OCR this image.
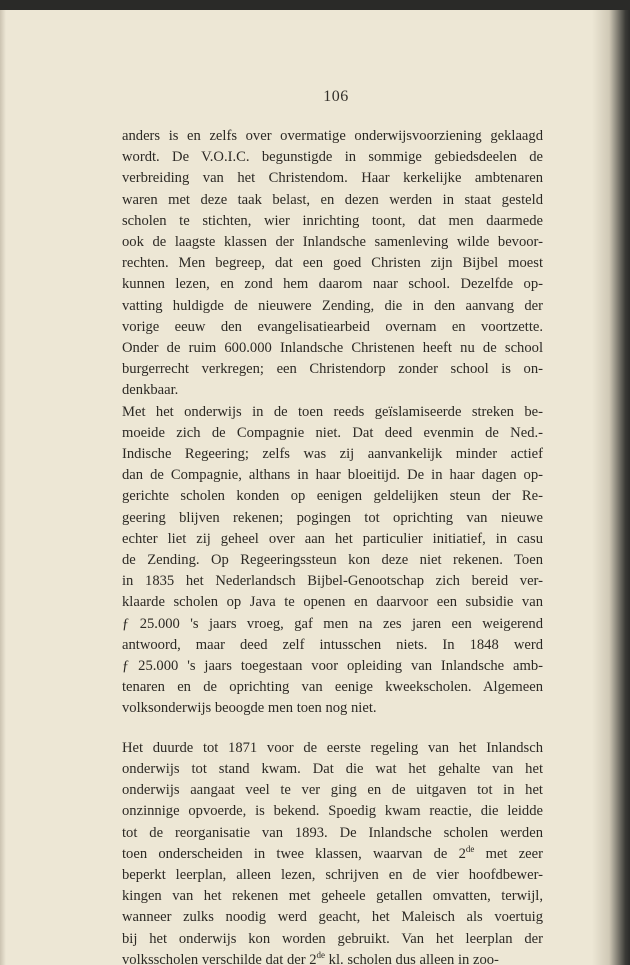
106

anders is en zelfs over overmatige onderwijsvoorziening geklaagd
wordt. De V.O.I.C. begunstigde in sommige gebiedsdeelen de
verbreiding van het Christendom. Haar kerkelijke ambtenaren
waren met deze taak belast, en dezen werden in staat gesteld
scholen te stichten, wier inrichting toont, dat men daarmede
ook de laagste klassen der Inlandsche samenleving wilde bevoor-
rechten. Men begreep, dat een goed Christen zijn Bijbel moest
kunnen lezen, en zond hem daarom naar school. Dezelfde op-
vatting huldigde de nieuwere Zending, die in den aanvang der
vorige eeuw den evangelisatiearbeid overnam en voortzette.
Onder de ruim 600.000 Inlandsche Christenen heeft nu de school
burgerrecht verkregen; een Christendorp zonder school is on-
denkbaar.

Met het onderwijs in de toen reeds geïslamiseerde streken be-
moeide zich de Compagnie niet. Dat deed evenmin de Ned.-
Indische Regeering; zelfs was zij aanvankelijk minder actief
dan de Compagnie, althans in haar bloeitijd. De in haar dagen op-
gerichte scholen konden op eenigen geldelijken steun der Re-
geering blijven rekenen; pogingen tot oprichting van nieuwe
echter liet zij geheel over aan het particulier initiatief, in casu
de Zending. Op Regeeringssteun kon deze niet rekenen. Toen
in 1835 het Nederlandsch Bijbel-Genootschap zich bereid ver-
klaarde scholen op Java te openen en daarvoor een subsidie van
ƒ 25.000 's jaars vroeg, gaf men na zes jaren een weigerend
antwoord, maar deed zelf intusschen niets. In 1848 werd
ƒ 25.000 's jaars toegestaan voor opleiding van Inlandsche amb-
tenaren en de oprichting van eenige kweekscholen. Algemeen
volksonderwijs beoogde men toen nog niet.

Het duurde tot 1871 voor de eerste regeling van het Inlandsch
onderwijs tot stand kwam. Dat die wat het gehalte van het
onderwijs aangaat veel te ver ging en de uitgaven tot in het
onzinnige opvoerde, is bekend. Spoedig kwam reactie, die leidde
tot de reorganisatie van 1893. De Inlandsche scholen werden
toen onderscheiden in twee klassen, waarvan de 2de met zeer
beperkt leerplan, alleen lezen, schrijven en de vier hoofdbewer-
kingen van het rekenen met geheele getallen omvatten, terwijl,
wanneer zulks noodig werd geacht, het Maleisch als voertuig
bij het onderwijs kon worden gebruikt. Van het leerplan der
volksscholen verschilde dat der 2de kl. scholen dus alleen in zoo-
